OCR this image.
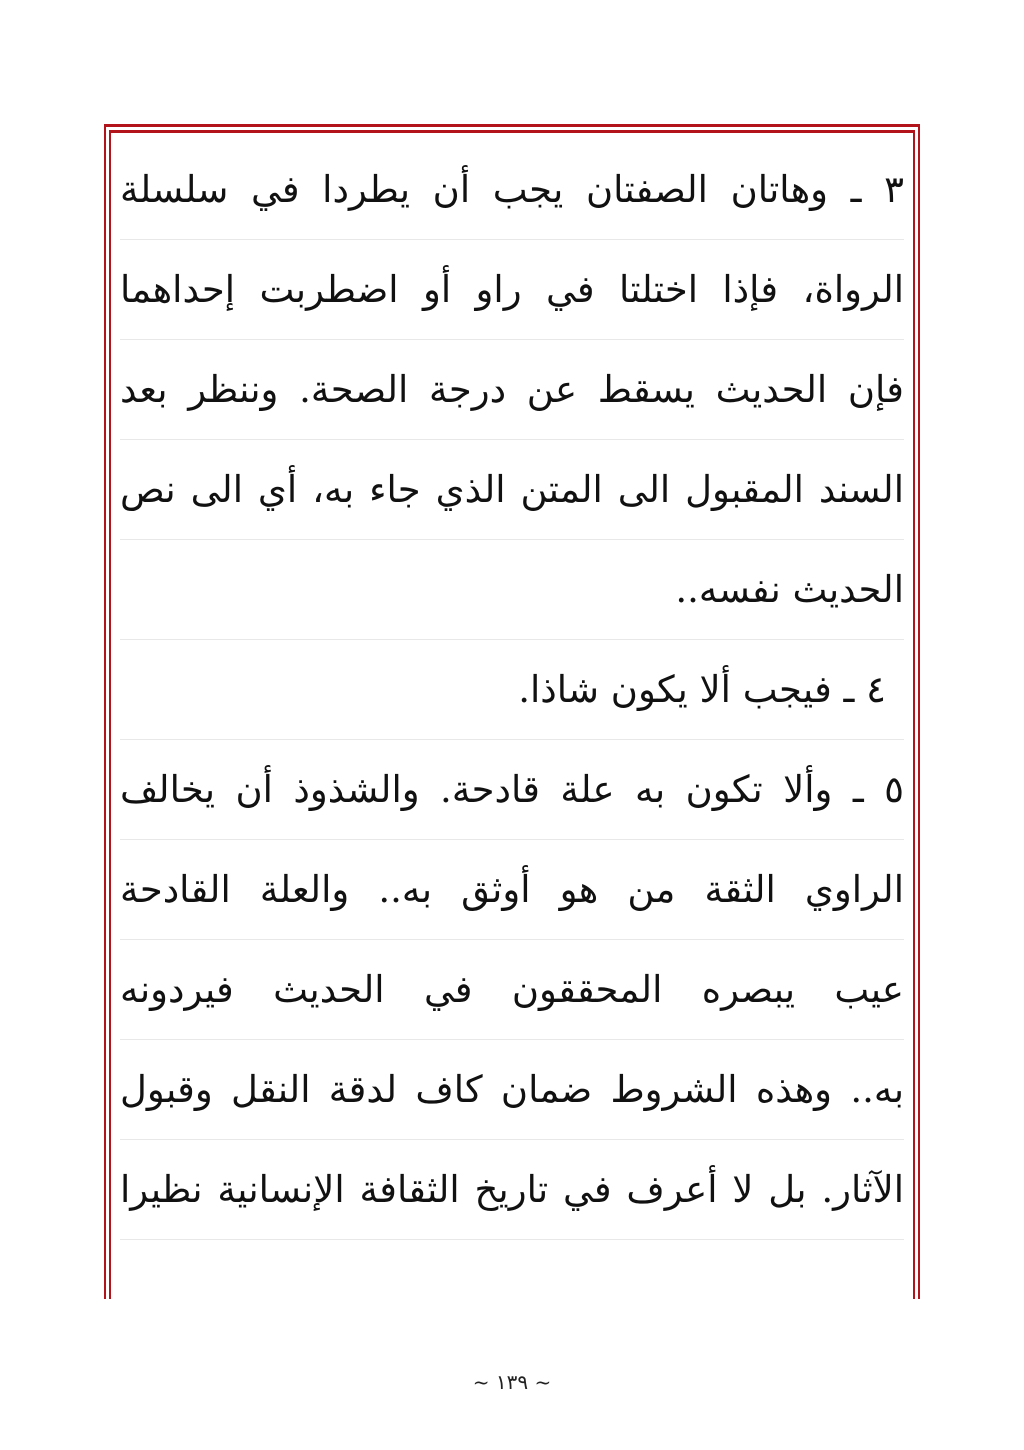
٣ ـ وهاتان الصفتان يجب أن يطردا في سلسلة
الرواة، فإذا اختلتا في راو أو اضطربت إحداهما
فإن الحديث يسقط عن درجة الصحة. وننظر بعد
السند المقبول الى المتن الذي جاء به، أي الى نص
الحديث نفسه..
٤ ـ فيجب ألا يكون شاذا.
٥ ـ وألا تكون به علة قادحة. والشذوذ أن يخالف
الراوي الثقة من هو أوثق به.. والعلة القادحة
عيب يبصره المحققون في الحديث فيردونه
به.. وهذه الشروط ضمان كاف لدقة النقل وقبول
الآثار. بل لا أعرف في تاريخ الثقافة الإنسانية نظيرا
~ ١٣٩ ~
